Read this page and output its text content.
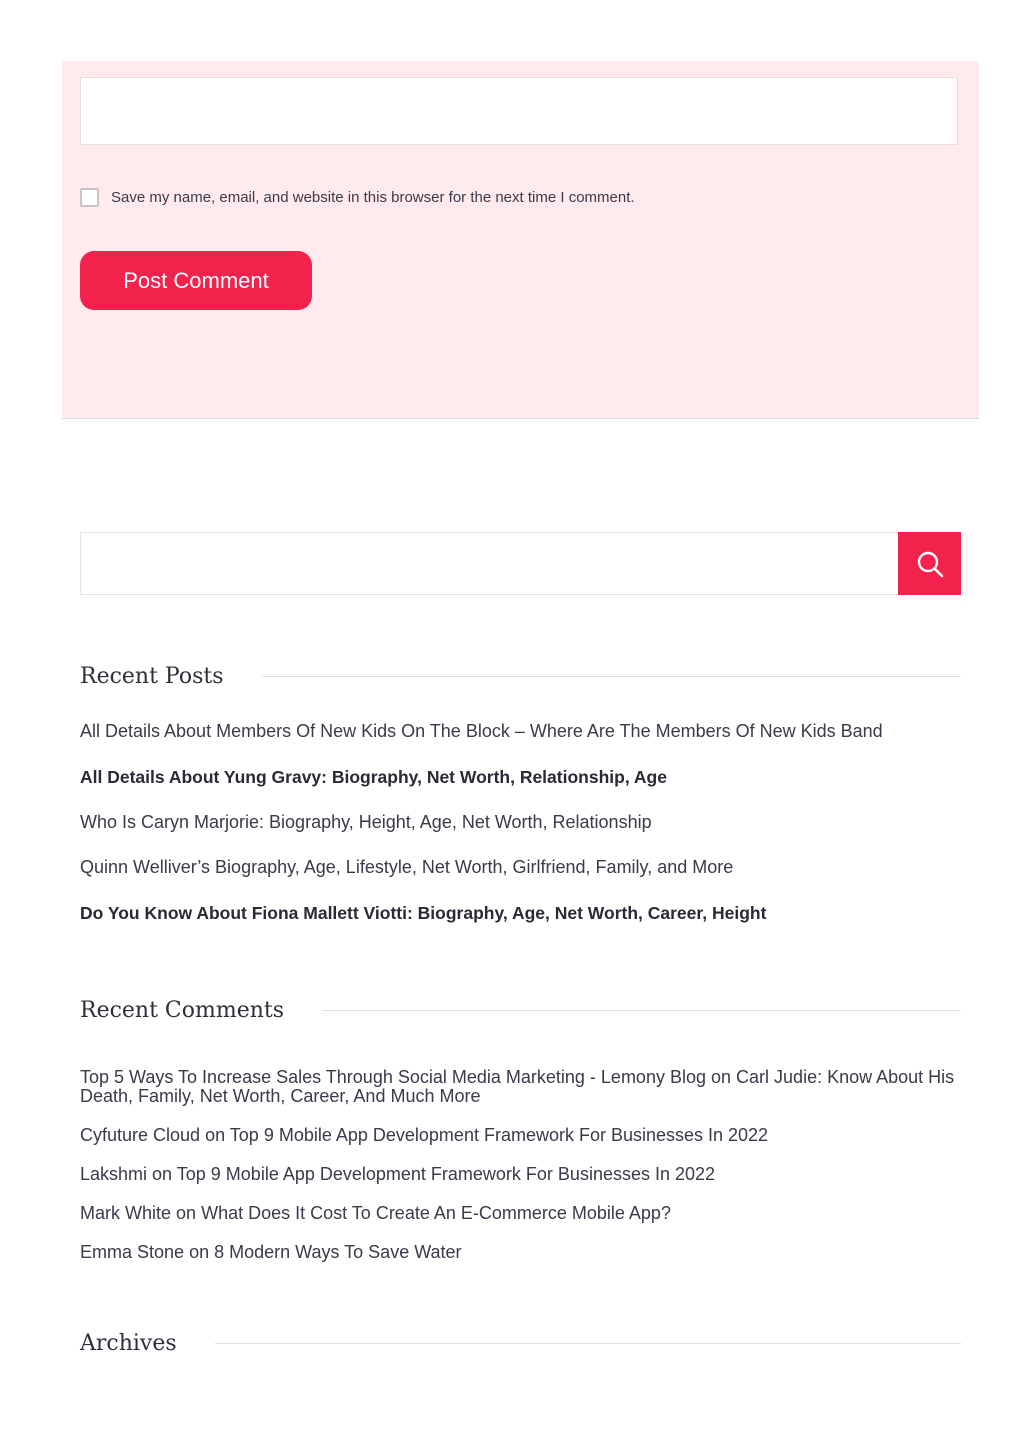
Save my name, email, and website in this browser for the next time I comment.
Post Comment
Recent Posts
All Details About Members Of New Kids On The Block – Where Are The Members Of New Kids Band
All Details About Yung Gravy: Biography, Net Worth, Relationship, Age
Who Is Caryn Marjorie: Biography, Height, Age, Net Worth, Relationship
Quinn Welliver’s Biography, Age, Lifestyle, Net Worth, Girlfriend, Family, and More
Do You Know About Fiona Mallett Viotti: Biography, Age, Net Worth, Career, Height
Recent Comments
Top 5 Ways To Increase Sales Through Social Media Marketing - Lemony Blog on Carl Judie: Know About His Death, Family, Net Worth, Career, And Much More
Cyfuture Cloud on Top 9 Mobile App Development Framework For Businesses In 2022
Lakshmi on Top 9 Mobile App Development Framework For Businesses In 2022
Mark White on What Does It Cost To Create An E-Commerce Mobile App?
Emma Stone on 8 Modern Ways To Save Water
Archives
